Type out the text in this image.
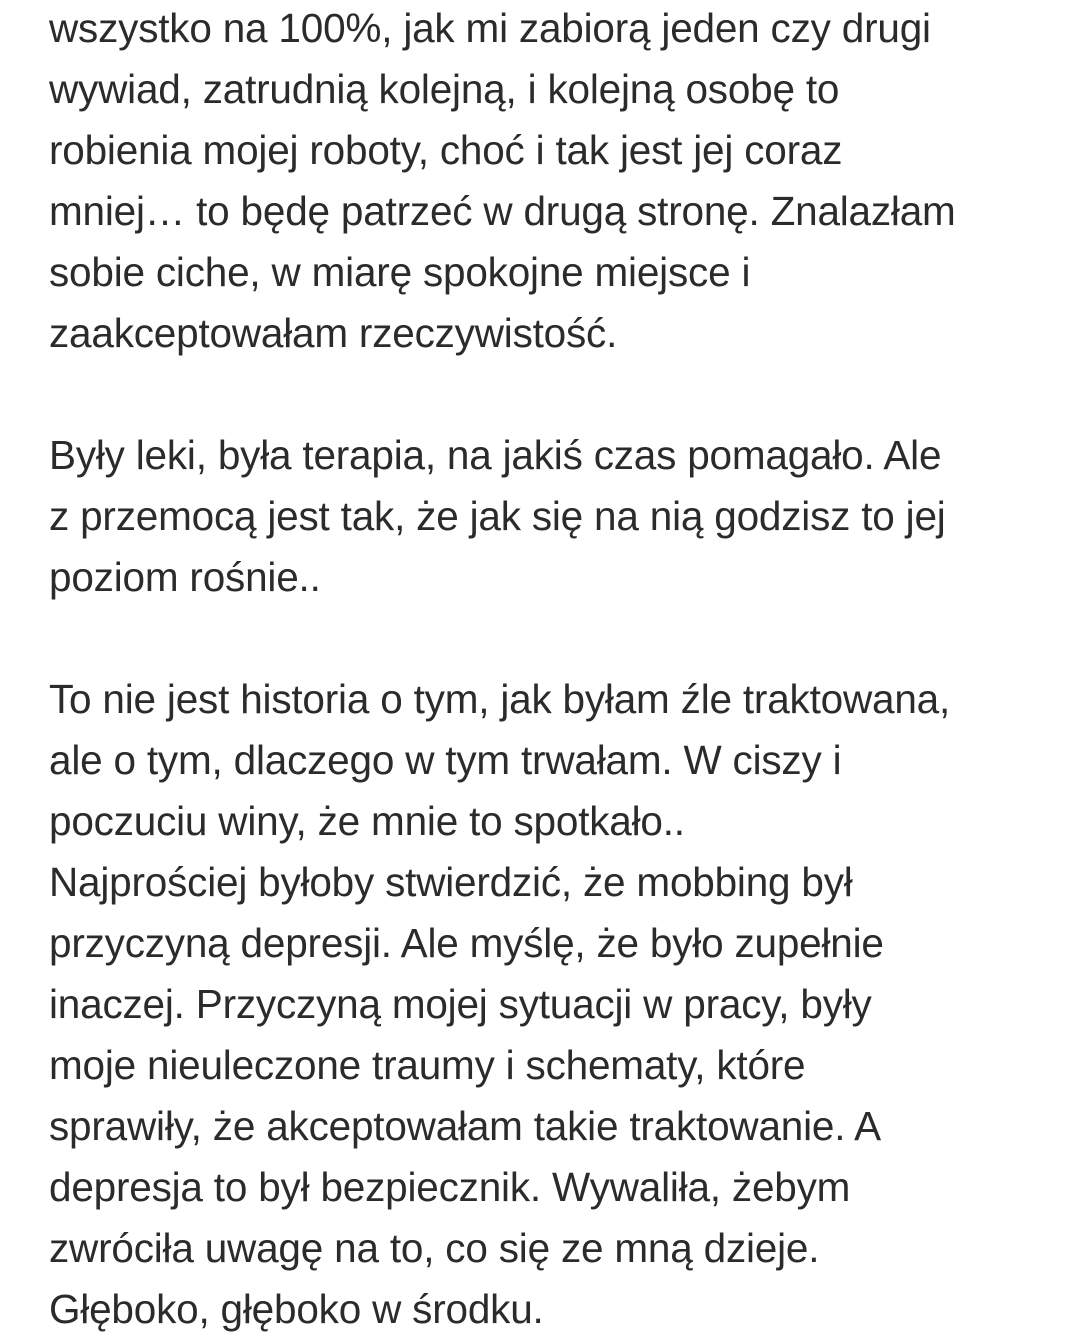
wszystko na 100%, jak mi zabiorą jeden czy drugi
wywiad, zatrudnią kolejną, i kolejną osobę to
robienia mojej roboty, choć i tak jest jej coraz
mniej… to będę patrzeć w drugą stronę. Znalazłam
sobie ciche, w miarę spokojne miejsce i
zaakceptowałam rzeczywistość.
Były leki, była terapia, na jakiś czas pomagało. Ale
z przemocą jest tak, że jak się na nią godzisz to jej
poziom rośnie..
To nie jest historia o tym, jak byłam źle traktowana,
ale o tym, dlaczego w tym trwałam. W ciszy i
poczuciu winy, że mnie to spotkało..
Najprościej byłoby stwierdzić, że mobbing był
przyczyną depresji. Ale myślę, że było zupełnie
inaczej. Przyczyną mojej sytuacji w pracy, były
moje nieuleczone traumy i schematy, które
sprawiły, że akceptowałam takie traktowanie. A
depresja to był bezpiecznik. Wywaliła, żebym
zwróciła uwagę na to, co się ze mną dzieje.
Głęboko, głęboko w środku.
